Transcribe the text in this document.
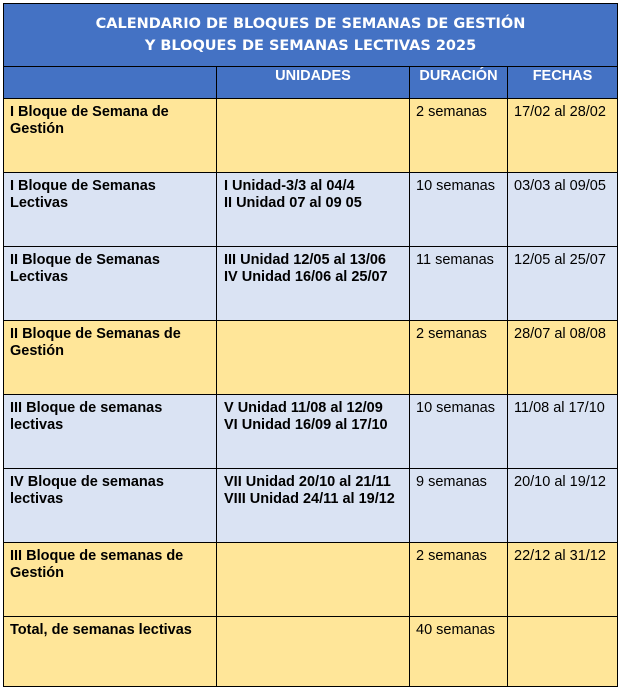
CALENDARIO DE BLOQUES DE SEMANAS DE GESTIÓN
Y BLOQUES DE SEMANAS LECTIVAS 2025			

	UNIDADES	DURACIÓN	FECHAS

I Bloque de Semana de
Gestión		2 semanas	17/02 al 28/02

I Bloque de Semanas
Lectivas	I Unidad-3/3 al 04/4
II Unidad 07 al 09 05	10 semanas	03/03 al 09/05

II Bloque de Semanas
Lectivas	III Unidad 12/05 al 13/06
IV Unidad 16/06 al 25/07	11 semanas	12/05 al 25/07

II Bloque de Semanas de
Gestión		2 semanas	28/07 al 08/08

III Bloque de semanas
lectivas	V Unidad 11/08 al 12/09
VI Unidad 16/09 al 17/10	10 semanas	11/08 al 17/10

IV Bloque de semanas
lectivas	VII Unidad 20/10 al 21/11
VIII Unidad 24/11 al 19/12	9 semanas	20/10 al 19/12

III Bloque de semanas de
Gestión		2 semanas	22/12 al 31/12

Total, de semanas lectivas		40 semanas	
